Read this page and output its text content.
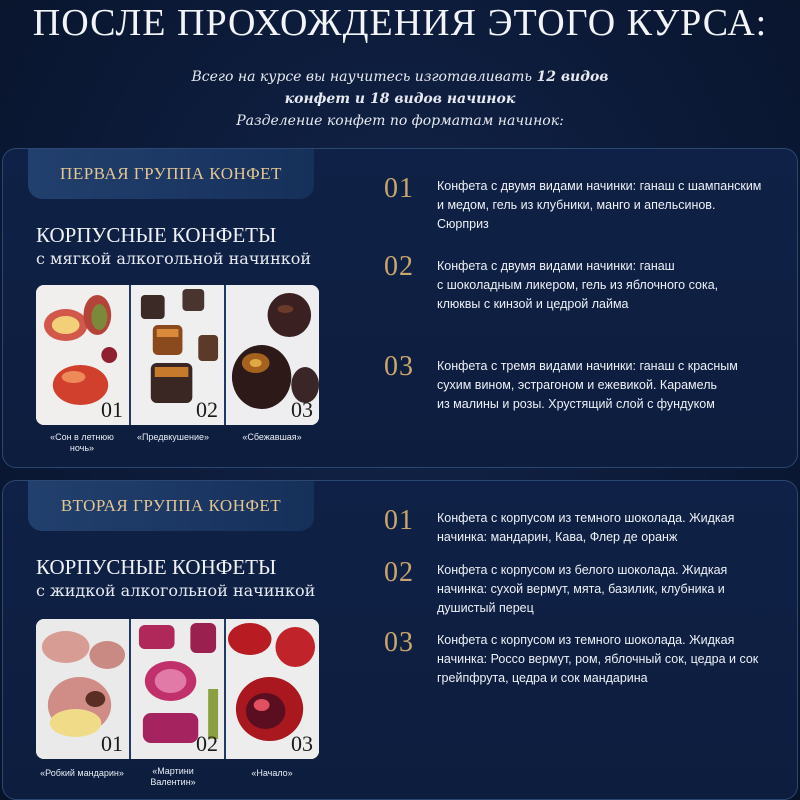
ПОСЛЕ ПРОХОЖДЕНИЯ ЭТОГО КУРСА:
Всего на курсе вы научитесь изготавливать 12 видов
конфет и 18 видов начинок
Разделение конфет по форматам начинок:
ПЕРВАЯ ГРУППА КОНФЕТ
КОРПУСНЫЕ КОНФЕТЫ
с мягкой алкогольной начинкой
01	02	03
«Сон в летнюю ночь»
«Предвкушение»	«Сбежавшая»
01	Конфета с двумя видами начинки: ганаш с шампанским
и медом, гель из клубники, манго и апельсинов.
Сюрприз
02	Конфета с двумя видами начинки: ганаш
с шоколадным ликером, гель из яблочного сока,
клюквы с кинзой и цедрой лайма
03	Конфета с тремя видами начинки: ганаш с красным
сухим вином, эстрагоном и ежевикой. Карамель
из малины и розы. Хрустящий слой с фундуком
ВТОРАЯ ГРУППА КОНФЕТ
КОРПУСНЫЕ КОНФЕТЫ
с жидкой алкогольной начинкой
01	02	03
«Робкий мандарин»	«Мартини Валентин»
«Начало»
01	Конфета с корпусом из темного шоколада. Жидкая
начинка: мандарин, Кава, Флер де оранж
02	Конфета с корпусом из белого шоколада. Жидкая
начинка: сухой вермут, мята, базилик, клубника и
душистый перец
03	Конфета с корпусом из темного шоколада. Жидкая
начинка: Россо вермут, ром, яблочный сок, цедра и сок
грейпфрута, цедра и сок мандарина
